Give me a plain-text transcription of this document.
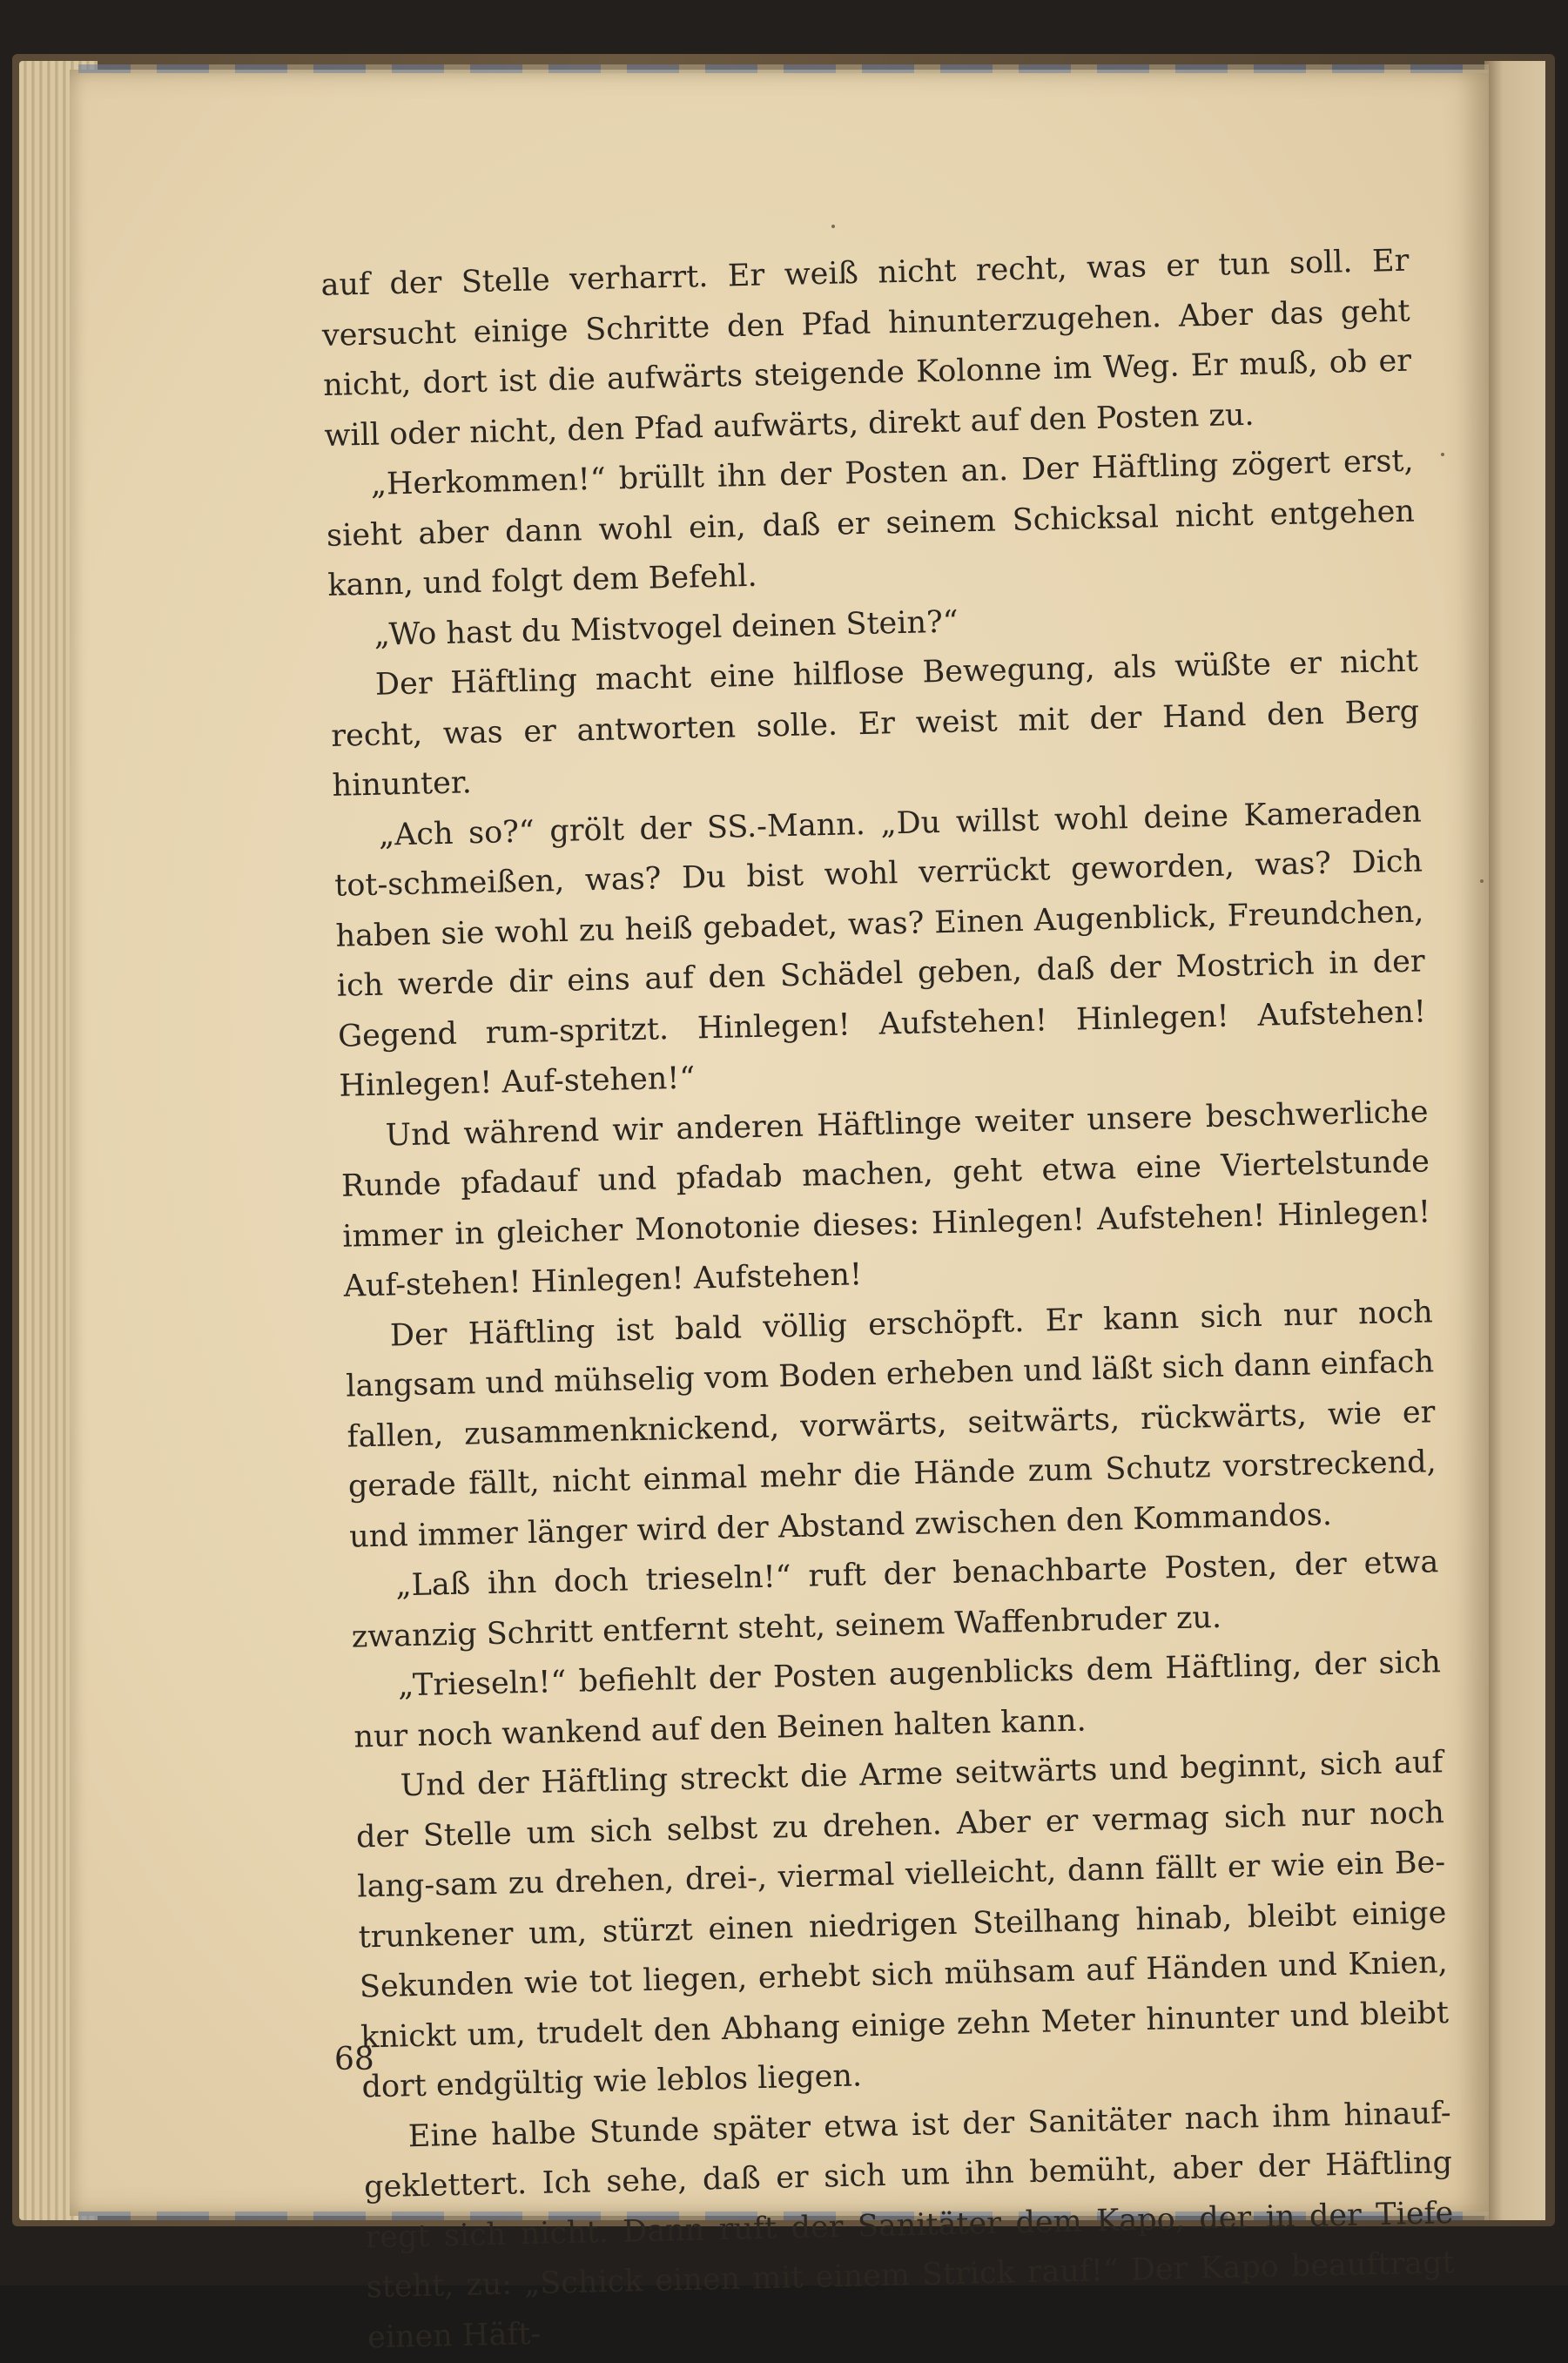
auf der Stelle verharrt. Er weiß nicht recht, was er tun soll. Er versucht einige Schritte den Pfad hinunterzugehen. Aber das geht nicht, dort ist die aufwärts steigende Kolonne im Weg. Er muß, ob er will oder nicht, den Pfad aufwärts, direkt auf den Posten zu.

„Herkommen!“ brüllt ihn der Posten an. Der Häftling zögert erst, sieht aber dann wohl ein, daß er seinem Schicksal nicht entgehen kann, und folgt dem Befehl.

„Wo hast du Mistvogel deinen Stein?“

Der Häftling macht eine hilflose Bewegung, als wüßte er nicht recht, was er antworten solle. Er weist mit der Hand den Berg hinunter.

„Ach so?“ grölt der SS.-Mann. „Du willst wohl deine Kameraden tot-schmeißen, was? Du bist wohl verrückt geworden, was? Dich haben sie wohl zu heiß gebadet, was? Einen Augenblick, Freundchen, ich werde dir eins auf den Schädel geben, daß der Mostrich in der Gegend rum-spritzt. Hinlegen! Aufstehen! Hinlegen! Aufstehen! Hinlegen! Auf-stehen!“

Und während wir anderen Häftlinge weiter unsere beschwerliche Runde pfadauf und pfadab machen, geht etwa eine Viertelstunde immer in gleicher Monotonie dieses: Hinlegen! Aufstehen! Hinlegen! Auf-stehen! Hinlegen! Aufstehen!

Der Häftling ist bald völlig erschöpft. Er kann sich nur noch langsam und mühselig vom Boden erheben und läßt sich dann einfach fallen, zusammenknickend, vorwärts, seitwärts, rückwärts, wie er gerade fällt, nicht einmal mehr die Hände zum Schutz vorstreckend, und immer länger wird der Abstand zwischen den Kommandos.

„Laß ihn doch trieseln!“ ruft der benachbarte Posten, der etwa zwanzig Schritt entfernt steht, seinem Waffenbruder zu.

„Trieseln!“ befiehlt der Posten augenblicks dem Häftling, der sich nur noch wankend auf den Beinen halten kann.

Und der Häftling streckt die Arme seitwärts und beginnt, sich auf der Stelle um sich selbst zu drehen. Aber er vermag sich nur noch lang-sam zu drehen, drei-, viermal vielleicht, dann fällt er wie ein Be-trunkener um, stürzt einen niedrigen Steilhang hinab, bleibt einige Sekunden wie tot liegen, erhebt sich mühsam auf Händen und Knien, knickt um, trudelt den Abhang einige zehn Meter hinunter und bleibt dort endgültig wie leblos liegen.

Eine halbe Stunde später etwa ist der Sanitäter nach ihm hinauf-geklettert. Ich sehe, daß er sich um ihn bemüht, aber der Häftling regt sich nicht. Dann ruft der Sanitäter dem Kapo, der in der Tiefe steht, zu: „Schick einen mit einem Strick rauf!“ Der Kapo beauftragt einen Häft-

68
